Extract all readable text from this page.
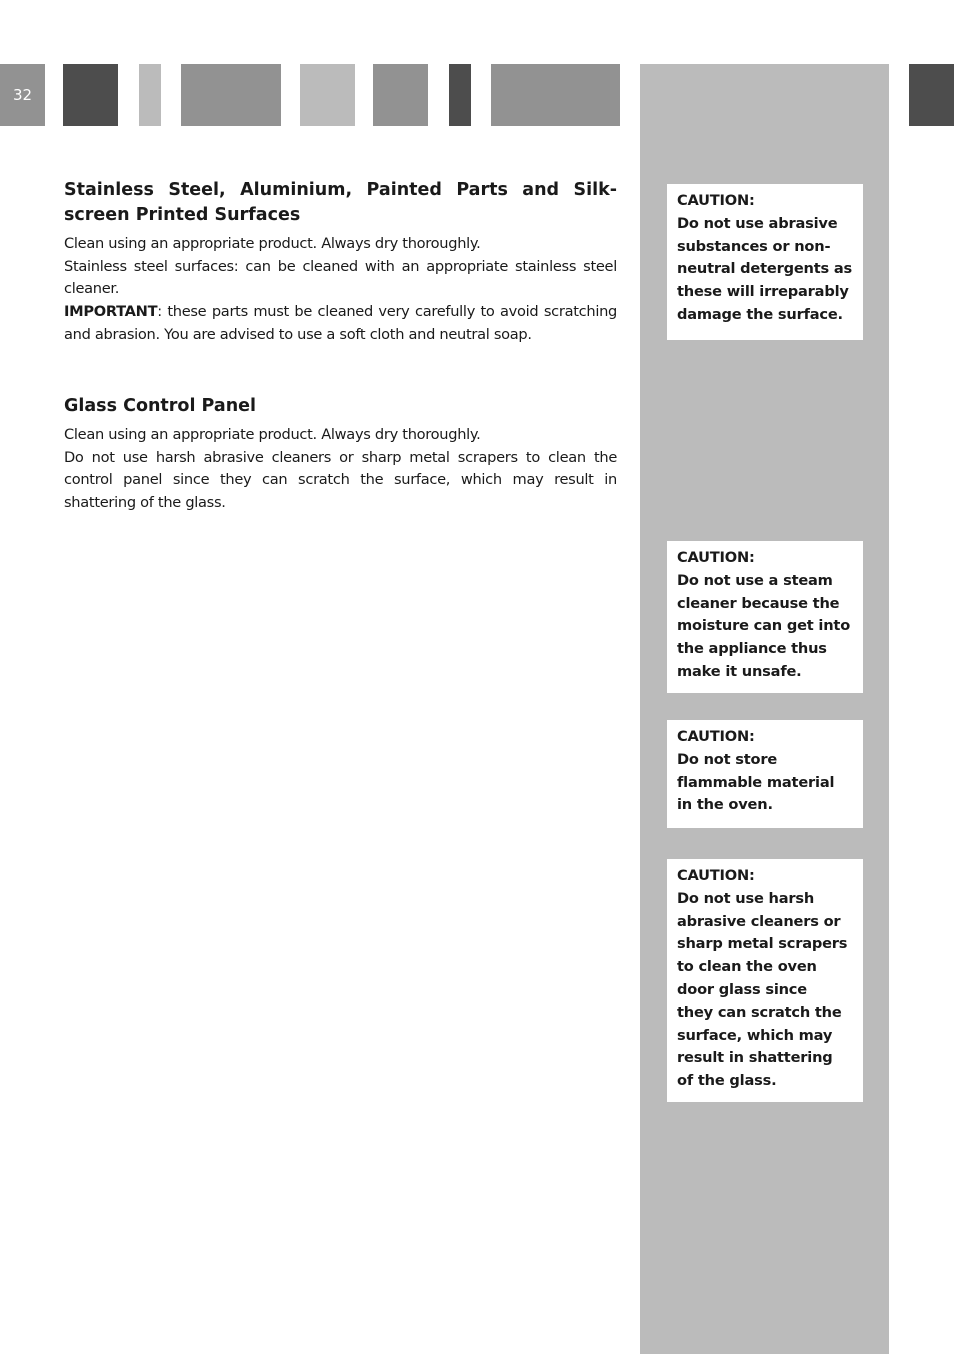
32
Stainless Steel, Aluminium, Painted Parts and Silk-screen Printed Surfaces

Clean using an appropriate product. Always dry thoroughly.

Stainless steel surfaces: can be cleaned with an appropriate stainless steel cleaner.

IMPORTANT: these parts must be cleaned very carefully to avoid scratching and abrasion. You are advised to use a soft cloth and neutral soap.

Glass Control Panel

Clean using an appropriate product. Always dry thoroughly.

Do not use harsh abrasive cleaners or sharp metal scrapers to clean the control panel since they can scratch the surface, which may result in shattering of the glass.

CAUTION:
Do not use abrasive
substances or non-
neutral detergents as
these will irreparably
damage the surface.
CAUTION:
Do not use a steam
cleaner because the
moisture can get into
the appliance thus
make it unsafe.
CAUTION:
Do not store
flammable material
in the oven.
CAUTION:
Do not use harsh
abrasive cleaners or
sharp metal scrapers
to clean the oven
door glass since
they can scratch the
surface, which may
result in shattering
of the glass.
